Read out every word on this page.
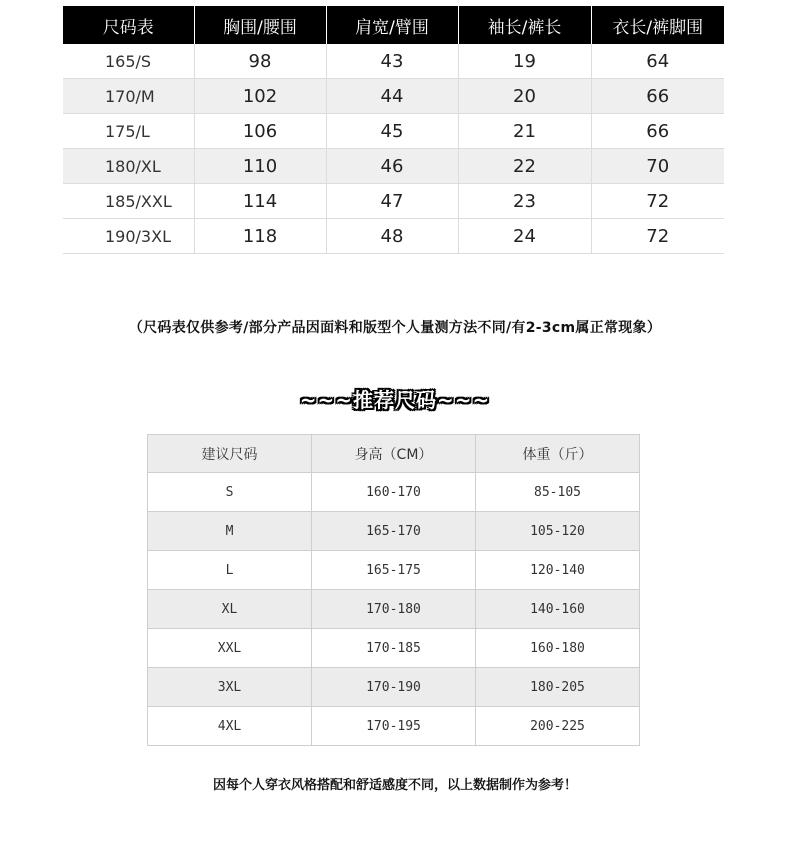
尺码表	胸围/腰围	肩宽/臂围	袖长/裤长	衣长/裤脚围
165/S	98	43	19	64
170/M	102	44	20	66
175/L	106	45	21	66
180/XL	110	46	22	70
185/XXL	114	47	23	72
190/3XL	118	48	24	72
（尺码表仅供参考/部分产品因面料和版型个人量测方法不同/有2-3cm属正常现象）
~~~推荐尺码~~~
建议尺码	身高（CM）	体重（斤）
S	160-170	85-105
M	165-170	105-120
L	165-175	120-140
XL	170-180	140-160
XXL	170-185	160-180
3XL	170-190	180-205
4XL	170-195	200-225
因每个人穿衣风格搭配和舒适感度不同，以上数据制作为参考！
